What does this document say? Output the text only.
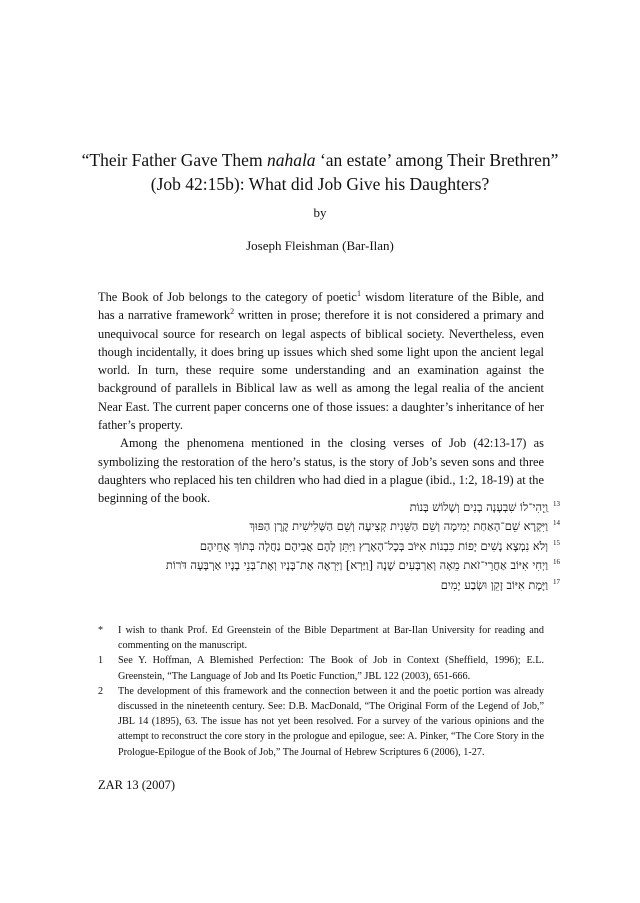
“Their Father Gave Them nahala ‘an estate’ among Their Brethren”
(Job 42:15b): What did Job Give his Daughters?
by
Joseph Fleishman (Bar-Ilan)

The Book of Job belongs to the category of poetic$^1$ wisdom literature of the Bible, and has a narrative framework$^2$ written in prose; therefore it is not considered a primary and unequivocal source for research on legal aspects of biblical society. Nevertheless, even though incidentally, it does bring up issues which shed some light upon the ancient legal world. In turn, these require some understanding and an examination against the background of parallels in Biblical law as well as among the legal realia of the ancient Near East. The current paper concerns one of those issues: a daughter’s inheritance of her father’s property.

Among the phenomena mentioned in the closing verses of Job (42:13-17) as symbolizing the restoration of the hero’s status, is the story of Job’s seven sons and three daughters who replaced his ten children who had died in a plague (ibid., 1:2, 18-19) at the beginning of the book.	$^{13}$וַֽיְהִי־לוֹ שִׁבְעָנָה בָנִים וְשָׁלוֹשׁ בָּנוֹת
$^{14}$וַיִּקְרָא שֵׁם־הָאַחַת יְמִימָה וְשֵׁם הַשֵּׁנִית קְצִיעָה וְשֵׁם הַשְּׁלִישִׁית קֶרֶן הַפּוּךְ
$^{15}$וְלֹא נִמְצָא נָשִׁים יָפוֹת כִּבְנוֹת אִיּוֹב בְּכָל־הָאָרֶץ וַיִּתֵּן לָהֶם אֲבִיהֶם נַחֲלָה בְּתוֹךְ אֲחֵיהֶם
$^{16}$וַיְחִי אִיּוֹב אַחֲרֵי־זֹאת מֵאָה וְאַרְבָּעִים שָׁנָה [וַיַּרְא] וַיִּרְאֶה אֶת־בָּנָיו וְאֶת־בְּנֵי בָנָיו אַרְבָּעָה דֹּרוֹת
$^{17}$וַיָּמָת אִיּוֹב זָקֵן וּשְׂבַע יָמִים
* I wish to thank Prof. Ed Greenstein of the Bible Department at Bar-Ilan University for reading and commenting on the manuscript.
1 See Y. Hoffman, A Blemished Perfection: The Book of Job in Context (Sheffield, 1996); E.L. Greenstein, “The Language of Job and Its Poetic Function,” JBL 122 (2003), 651-666.
2 The development of this framework and the connection between it and the poetic portion was already discussed in the nineteenth century. See: D.B. MacDonald, “The Original Form of the Legend of Job,” JBL 14 (1895), 63. The issue has not yet been resolved. For a survey of the various opinions and the attempt to reconstruct the core story in the prologue and epilogue, see: A. Pinker, “The Core Story in the Prologue-Epilogue of the Book of Job,” The Journal of Hebrew Scriptures 6 (2006), 1-27.
ZAR 13 (2007)
